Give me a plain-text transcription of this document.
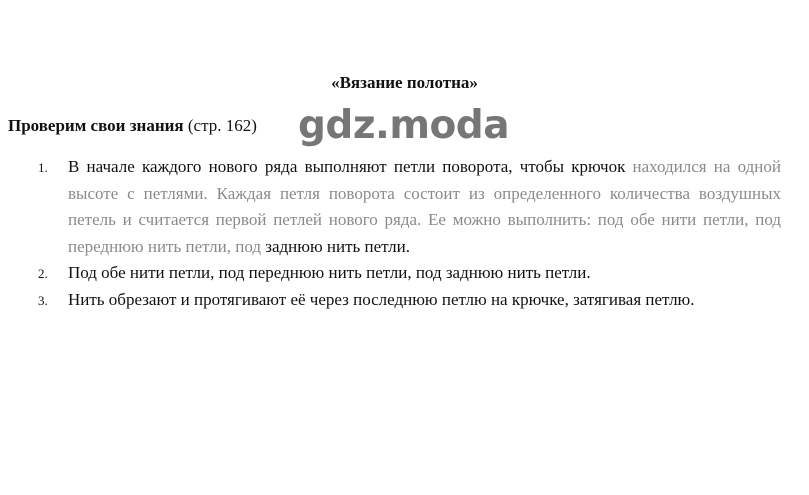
«Вязание полотна»
Проверим свои знания (стр. 162) gdz.moda
1. В начале каждого нового ряда выполняют петли поворота, чтобы крючок находился на одной высоте с петлями. Каждая петля поворота состоит из определенного количества воздушных петель и считается первой петлей нового ряда. Ее можно выполнить: под обе нити петли, под переднюю нить петли, под заднюю нить петли.
2. Под обе нити петли, под переднюю нить петли, под заднюю нить петли.
3. Нить обрезают и протягивают её через последнюю петлю на крючке, затягивая петлю.
